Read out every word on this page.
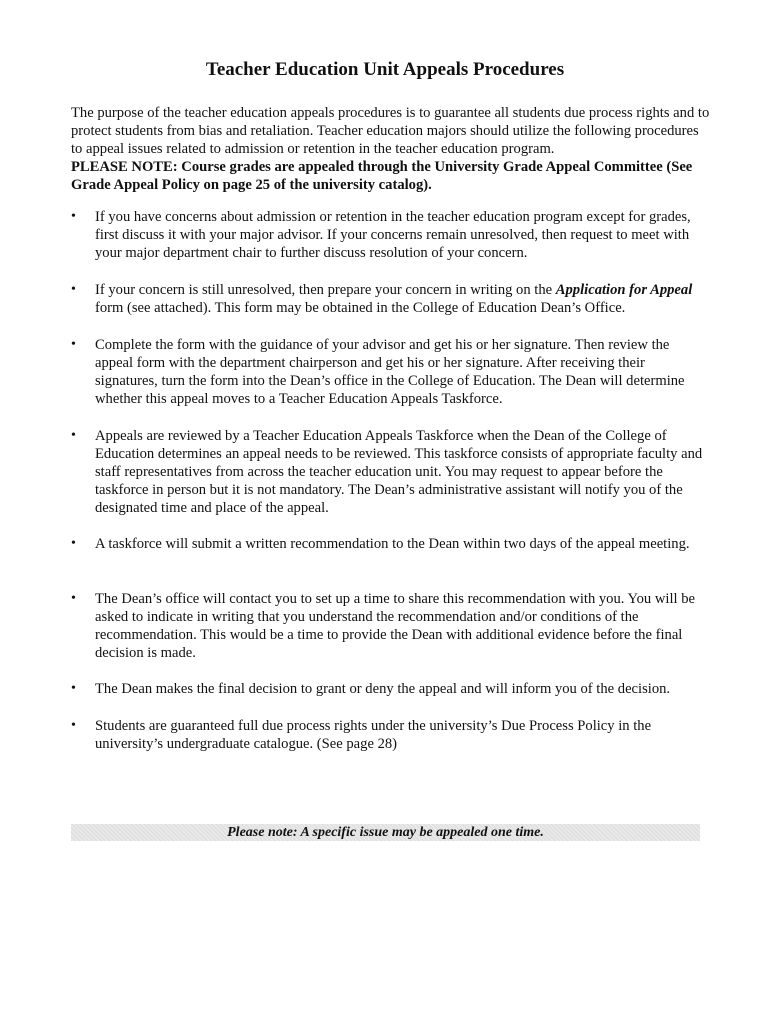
Teacher Education Unit Appeals Procedures

The purpose of the teacher education appeals procedures is to guarantee all students due process rights and to protect students from bias and retaliation. Teacher education majors should utilize the following procedures to appeal issues related to admission or retention in the teacher education program.
PLEASE NOTE: Course grades are appealed through the University Grade Appeal Committee (See Grade Appeal Policy on page 25 of the university catalog).

•	If you have concerns about admission or retention in the teacher education program except for grades, first discuss it with your major advisor. If your concerns remain unresolved, then request to meet with your major department chair to further discuss resolution of your concern.
•	If your concern is still unresolved, then prepare your concern in writing on the Application for Appeal form (see attached). This form may be obtained in the College of Education Dean’s Office.
•	Complete the form with the guidance of your advisor and get his or her signature. Then review the appeal form with the department chairperson and get his or her signature. After receiving their signatures, turn the form into the Dean’s office in the College of Education. The Dean will determine whether this appeal moves to a Teacher Education Appeals Taskforce.
•	Appeals are reviewed by a Teacher Education Appeals Taskforce when the Dean of the College of Education determines an appeal needs to be reviewed. This taskforce consists of appropriate faculty and staff representatives from across the teacher education unit. You may request to appear before the taskforce in person but it is not mandatory. The Dean’s administrative assistant will notify you of the designated time and place of the appeal.
•	A taskforce will submit a written recommendation to the Dean within two days of the appeal meeting.
•	The Dean’s office will contact you to set up a time to share this recommendation with you. You will be asked to indicate in writing that you understand the recommendation and/or conditions of the recommendation. This would be a time to provide the Dean with additional evidence before the final decision is made.
•	The Dean makes the final decision to grant or deny the appeal and will inform you of the decision.
•	Students are guaranteed full due process rights under the university’s Due Process Policy in the university’s undergraduate catalogue. (See page 28)
Please note: A specific issue may be appealed one time.
